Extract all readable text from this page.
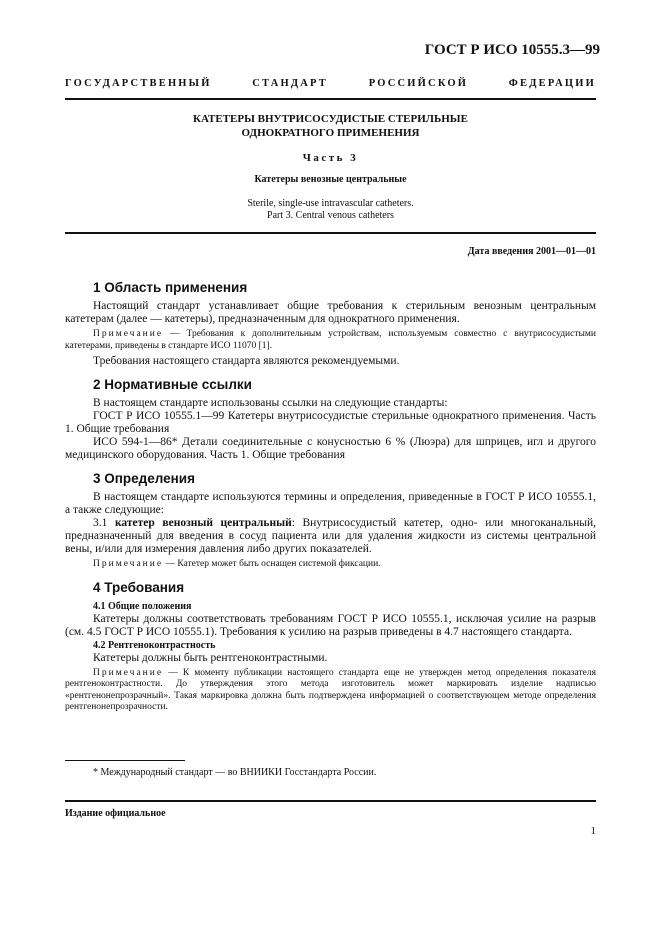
ГОСТ Р ИСО 10555.3—99
ГОСУДАРСТВЕННЫЙ СТАНДАРТ РОССИЙСКОЙ ФЕДЕРАЦИИ
КАТЕТЕРЫ ВНУТРИСОСУДИСТЫЕ СТЕРИЛЬНЫЕ
ОДНОКРАТНОГО ПРИМЕНЕНИЯ
Часть 3
Катетеры венозные центральные
Sterile, single-use intravascular catheters.
Part 3. Central venous catheters
Дата введения 2001—01—01
1 Область применения

Настоящий стандарт устанавливает общие требования к стерильным венозным центральным катетерам (далее — катетеры), предназначенным для однократного применения.

Примечание — Требования к дополнительным устройствам, используемым совместно с внутрисосудистыми катетерами, приведены в стандарте ИСО 11070 [1].

Требования настоящего стандарта являются рекомендуемыми.

2 Нормативные ссылки

В настоящем стандарте использованы ссылки на следующие стандарты:

ГОСТ Р ИСО 10555.1—99 Катетеры внутрисосудистые стерильные однократного применения. Часть 1. Общие требования

ИСО 594-1—86* Детали соединительные с конусностью 6 % (Люэра) для шприцев, игл и другого медицинского оборудования. Часть 1. Общие требования

3 Определения

В настоящем стандарте используются термины и определения, приведенные в ГОСТ Р ИСО 10555.1, а также следующие:

3.1 катетер венозный центральный: Внутрисосудистый катетер, одно- или многоканальный, предназначенный для введения в сосуд пациента или для удаления жидкости из системы центральной вены, и/или для измерения давления либо других показателей.

Примечание — Катетер может быть оснащен системой фиксации.

4 Требования

4.1 Общие положения

Катетеры должны соответствовать требованиям ГОСТ Р ИСО 10555.1, исключая усилие на разрыв (см. 4.5 ГОСТ Р ИСО 10555.1). Требования к усилию на разрыв приведены в 4.7 настоящего стандарта.

4.2 Рентгеноконтрастность

Катетеры должны быть рентгеноконтрастными.

Примечание — К моменту публикации настоящего стандарта еще не утвержден метод определения показателя рентгеноконтрастности. До утверждения этого метода изготовитель может маркировать изделие надписью «рентгенонепрозрачный». Такая маркировка должна быть подтверждена информацией о соответствующем методе определения рентгенонепрозрачности.

* Международный стандарт — во ВНИИКИ Госстандарта России.
Издание официальное
1
